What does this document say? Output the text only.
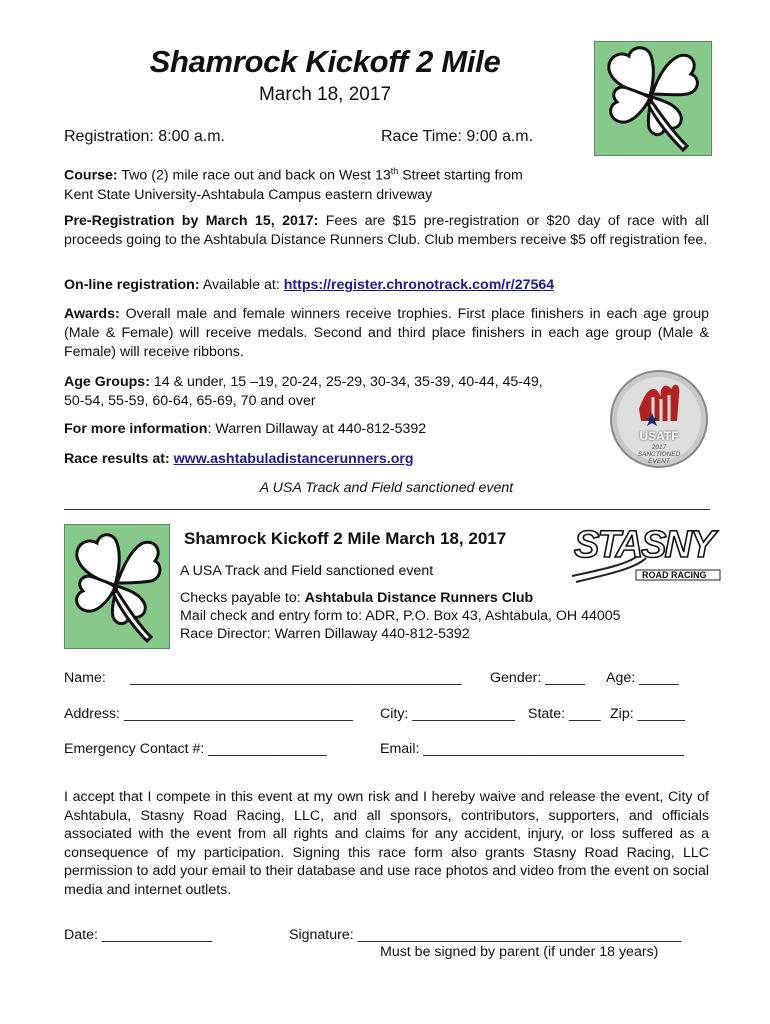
Shamrock Kickoff 2 Mile
March 18, 2017
Registration: 8:00 a.m.	Race Time: 9:00 a.m.
Course: Two (2) mile race out and back on West 13th Street starting from
Kent State University-Ashtabula Campus eastern driveway
Pre-Registration by March 15, 2017: Fees are $15 pre-registration or $20 day of race with all proceeds going to the Ashtabula Distance Runners Club. Club members receive $5 off registration fee.
On-line registration: Available at: https://register.chronotrack.com/r/27564
Awards: Overall male and female winners receive trophies. First place finishers in each age group (Male & Female) will receive medals. Second and third place finishers in each age group (Male & Female) will receive ribbons.
Age Groups: 14 & under, 15 –19, 20-24, 25-29, 30-34, 35-39, 40-44, 45-49,
50-54, 55-59, 60-64, 65-69, 70 and over
For more information: Warren Dillaway at 440-812-5392
Race results at: www.ashtabuladistancerunners.org
A USA Track and Field sanctioned event
USATF
2017
SANCTIONED
EVENT
STASNY
ROAD RACING
Shamrock Kickoff 2 Mile March 18, 2017
A USA Track and Field sanctioned event
Checks payable to: Ashtabula Distance Runners Club
Mail check and entry form to: ADR, P.O. Box 43, Ashtabula, OH 44005
Race Director: Warren Dillaway 440-812-5392
Name: __________________________________________ Gender: _____ Age: _____
Address: _____________________________ City: _____________ State: ____ Zip: ______
Emergency Contact #: _______________	Email: _________________________________
I accept that I compete in this event at my own risk and I hereby waive and release the event, City of Ashtabula, Stasny Road Racing, LLC, and all sponsors, contributors, supporters, and officials associated with the event from all rights and claims for any accident, injury, or loss suffered as a consequence of my participation. Signing this race form also grants Stasny Road Racing, LLC permission to add your email to their database and use race photos and video from the event on social media and internet outlets.
Date: ______________	Signature: _________________________________________
Must be signed by parent (if under 18 years)
